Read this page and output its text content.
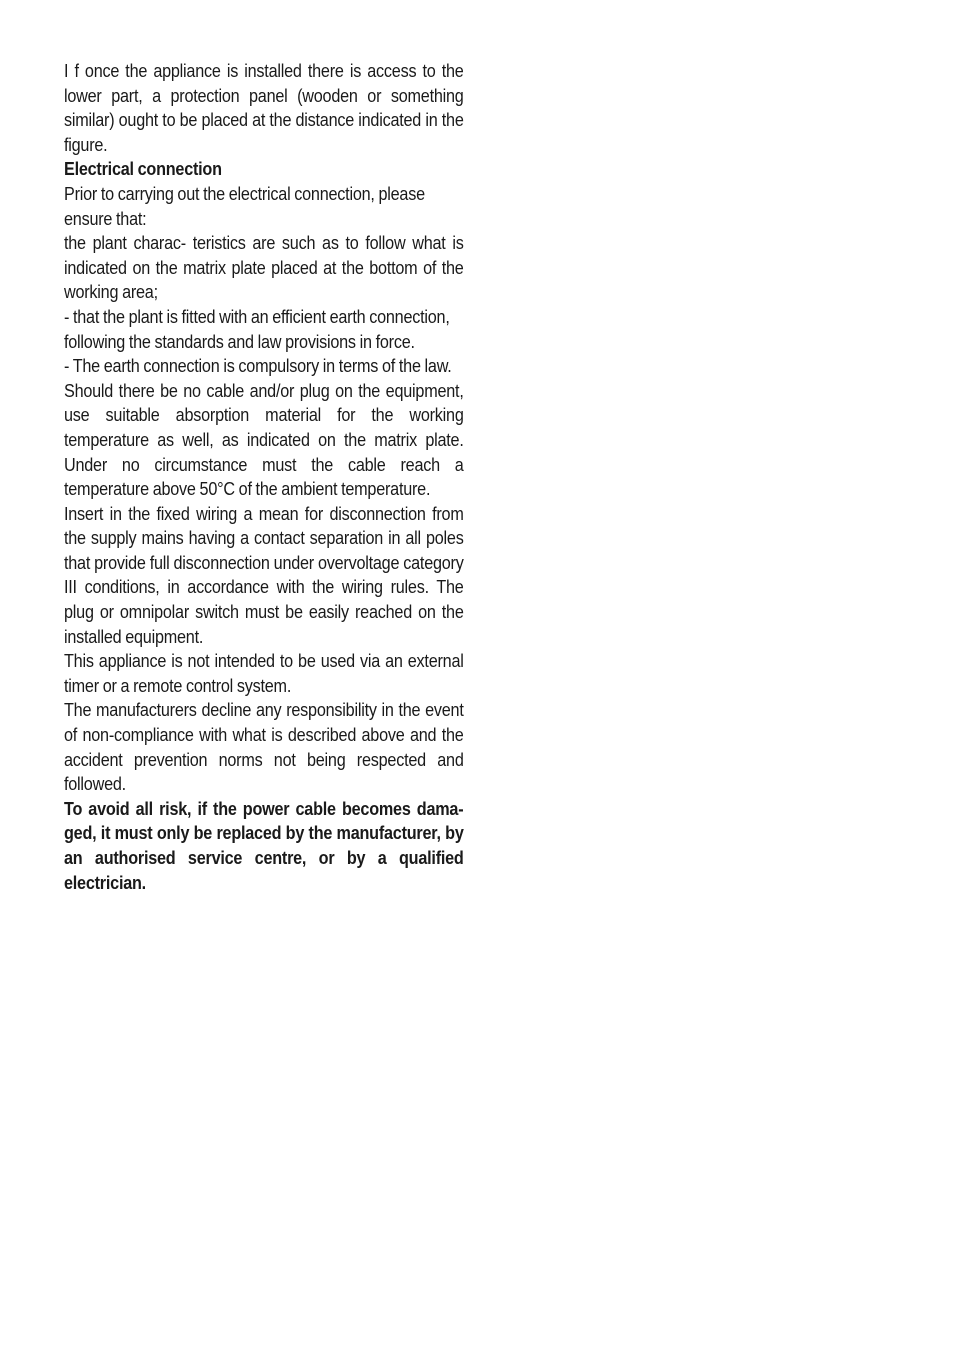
I f once the appliance is installed there is access to the lower part, a protection panel (wooden or something similar) ought to be placed at the distance indicated in the figure.

Electrical connection

Prior to carrying out the electrical connection, please ensure that:

the plant charac- teristics are such as to follow what is indicated on the matrix plate placed at the bottom of the working area;

- that the plant is fitted with an efficient earth connection, following the standards and law provisions in force.

- The earth connection is compulsory in terms of the law.

Should there be no cable and/or plug on the equipment, use suitable absorption material for the working temperature as well, as indicated on the matrix plate. Under no circumstance must the cable reach a temperature above 50°C of the ambient temperature.

Insert in the fixed wiring a mean for disconnection from the supply mains having a contact separation in all poles that provide full disconnection under overvoltage category III conditions, in accordance with the wiring rules. The plug or omnipolar switch must be easily reached on the installed equipment.

This appliance is not intended to be used via an external timer or a remote control system.

The manufacturers decline any responsibility in the event of non-compliance with what is described above and the accident prevention norms not being respected and followed.

To avoid all risk, if the power cable becomes damaged, it must only be replaced by the manufacturer, by an authorised service centre, or by a qualified electrician.
